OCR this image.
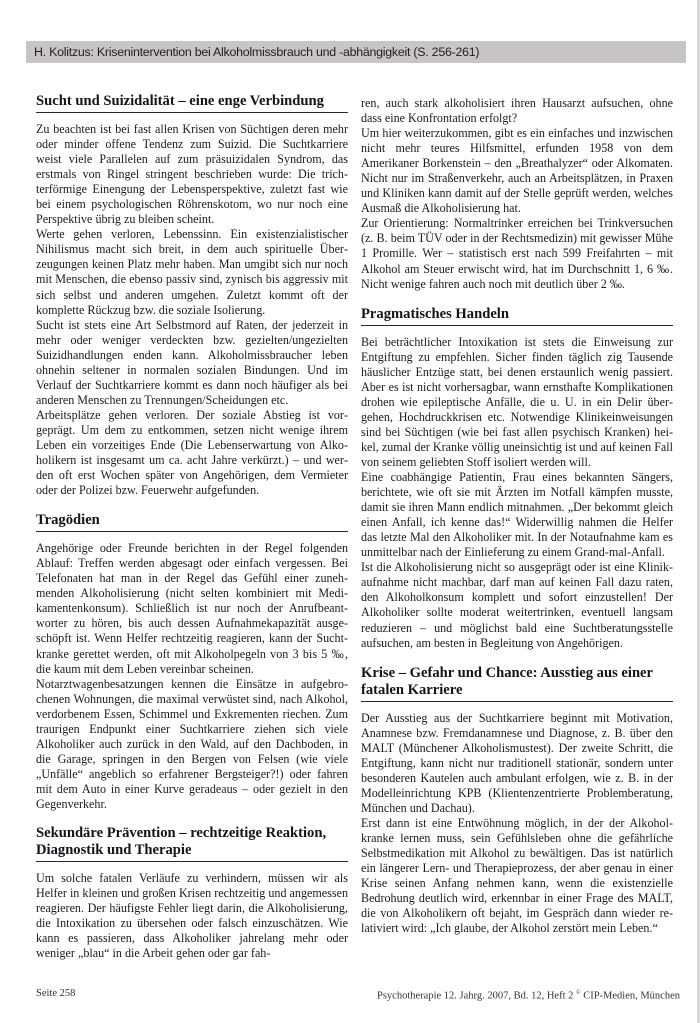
H. Kolitzus: Krisenintervention bei Alkoholmissbrauch und -abhängigkeit (S. 256-261)
Sucht und Suizidalität – eine enge Verbindung

Zu beachten ist bei fast allen Krisen von Süchtigen deren mehr oder minder offene Tendenz zum Suizid. Die Suchtkarriere weist viele Parallelen auf zum präsuizidalen Syndrom, das erstmals von Ringel stringent beschrieben wurde: Die trichterförmige Einengung der Lebensperspektive, zuletzt fast wie bei einem psychologischen Röhrenskotom, wo nur noch eine Perspektive übrig zu bleiben scheint.

Werte gehen verloren, Lebenssinn. Ein existenzialistischer Nihilismus macht sich breit, in dem auch spirituelle Überzeugungen keinen Platz mehr haben. Man umgibt sich nur noch mit Menschen, die ebenso passiv sind, zynisch bis aggressiv mit sich selbst und anderen umgehen. Zuletzt kommt oft der komplette Rückzug bzw. die soziale Isolierung.

Sucht ist stets eine Art Selbstmord auf Raten, der jederzeit in mehr oder weniger verdeckten bzw. gezielten/ungezielten Suizidhandlungen enden kann. Alkoholmissbraucher leben ohnehin seltener in normalen sozialen Bindungen. Und im Verlauf der Suchtkarriere kommt es dann noch häufiger als bei anderen Menschen zu Trennungen/Scheidungen etc.

Arbeitsplätze gehen verloren. Der soziale Abstieg ist vorgeprägt. Um dem zu entkommen, setzen nicht wenige ihrem Leben ein vorzeitiges Ende (Die Lebenserwartung von Alkoholikern ist insgesamt um ca. acht Jahre verkürzt.) – und werden oft erst Wochen später von Angehörigen, dem Vermieter oder der Polizei bzw. Feuerwehr aufgefunden.

Tragödien

Angehörige oder Freunde berichten in der Regel folgenden Ablauf: Treffen werden abgesagt oder einfach vergessen. Bei Telefonaten hat man in der Regel das Gefühl einer zunehmenden Alkoholisierung (nicht selten kombiniert mit Medikamentenkonsum). Schließlich ist nur noch der Anrufbeantworter zu hören, bis auch dessen Aufnahmekapazität ausgeschöpft ist. Wenn Helfer rechtzeitig reagieren, kann der Suchtkranke gerettet werden, oft mit Alkoholpegeln von 3 bis 5 ‰, die kaum mit dem Leben vereinbar scheinen.

Notarztwagenbesatzungen kennen die Einsätze in aufgebrochenen Wohnungen, die maximal verwüstet sind, nach Alkohol, verdorbenem Essen, Schimmel und Exkrementen riechen. Zum traurigen Endpunkt einer Suchtkarriere ziehen sich viele Alkoholiker auch zurück in den Wald, auf den Dachboden, in die Garage, springen in den Bergen von Felsen (wie viele „Unfälle“ angeblich so erfahrener Bergsteiger?!) oder fahren mit dem Auto in einer Kurve geradeaus – oder gezielt in den Gegenverkehr.

Sekundäre Prävention – rechtzeitige Reaktion, Diagnostik und Therapie

Um solche fatalen Verläufe zu verhindern, müssen wir als Helfer in kleinen und großen Krisen rechtzeitig und angemessen reagieren. Der häufigste Fehler liegt darin, die Alkoholisierung, die Intoxikation zu übersehen oder falsch einzuschätzen. Wie kann es passieren, dass Alkoholiker jahrelang mehr oder weniger „blau“ in die Arbeit gehen oder gar fah-

ren, auch stark alkoholisiert ihren Hausarzt aufsuchen, ohne dass eine Konfrontation erfolgt?

Um hier weiterzukommen, gibt es ein einfaches und inzwischen nicht mehr teures Hilfsmittel, erfunden 1958 von dem Amerikaner Borkenstein – den „Breathalyzer“ oder Alkomaten. Nicht nur im Straßenverkehr, auch an Arbeitsplätzen, in Praxen und Kliniken kann damit auf der Stelle geprüft werden, welches Ausmaß die Alkoholisierung hat.

Zur Orientierung: Normaltrinker erreichen bei Trinkversuchen (z. B. beim TÜV oder in der Rechtsmedizin) mit gewisser Mühe 1 Promille. Wer – statistisch erst nach 599 Freifahrten – mit Alkohol am Steuer erwischt wird, hat im Durchschnitt 1, 6 ‰. Nicht wenige fahren auch noch mit deutlich über 2 ‰.

Pragmatisches Handeln

Bei beträchtlicher Intoxikation ist stets die Einweisung zur Entgiftung zu empfehlen. Sicher finden täglich zig Tausende häuslicher Entzüge statt, bei denen erstaunlich wenig passiert. Aber es ist nicht vorhersagbar, wann ernsthafte Komplikationen drohen wie epileptische Anfälle, die u. U. in ein Delir übergehen, Hochdruckkrisen etc. Notwendige Klinikeinweisungen sind bei Süchtigen (wie bei fast allen psychisch Kranken) heikel, zumal der Kranke völlig uneinsichtig ist und auf keinen Fall von seinem geliebten Stoff isoliert werden will.

Eine coabhängige Patientin, Frau eines bekannten Sängers, berichtete, wie oft sie mit Ärzten im Notfall kämpfen musste, damit sie ihren Mann endlich mitnahmen. „Der bekommt gleich einen Anfall, ich kenne das!“ Widerwillig nahmen die Helfer das letzte Mal den Alkoholiker mit. In der Notaufnahme kam es unmittelbar nach der Einlieferung zu einem Grand-mal-Anfall.

Ist die Alkoholisierung nicht so ausgeprägt oder ist eine Klinikaufnahme nicht machbar, darf man auf keinen Fall dazu raten, den Alkoholkonsum komplett und sofort einzustellen! Der Alkoholiker sollte moderat weitertrinken, eventuell langsam reduzieren – und möglichst bald eine Suchtberatungsstelle aufsuchen, am besten in Begleitung von Angehörigen.

Krise – Gefahr und Chance: Ausstieg aus einer fatalen Karriere

Der Ausstieg aus der Suchtkarriere beginnt mit Motivation, Anamnese bzw. Fremdanamnese und Diagnose, z. B. über den MALT (Münchener Alkoholismustest). Der zweite Schritt, die Entgiftung, kann nicht nur traditionell stationär, sondern unter besonderen Kautelen auch ambulant erfolgen, wie z. B. in der Modelleinrichtung KPB (Klientenzentrierte Problemberatung, München und Dachau).

Erst dann ist eine Entwöhnung möglich, in der der Alkoholkranke lernen muss, sein Gefühlsleben ohne die gefährliche Selbstmedikation mit Alkohol zu bewältigen. Das ist natürlich ein längerer Lern- und Therapieprozess, der aber genau in einer Krise seinen Anfang nehmen kann, wenn die existenzielle Bedrohung deutlich wird, erkennbar in einer Frage des MALT, die von Alkoholikern oft bejaht, im Gespräch dann wieder relativiert wird: „Ich glaube, der Alkohol zerstört mein Leben.“

Seite 258	Psychotherapie 12. Jahrg. 2007, Bd. 12, Heft 2 © CIP-Medien, München
